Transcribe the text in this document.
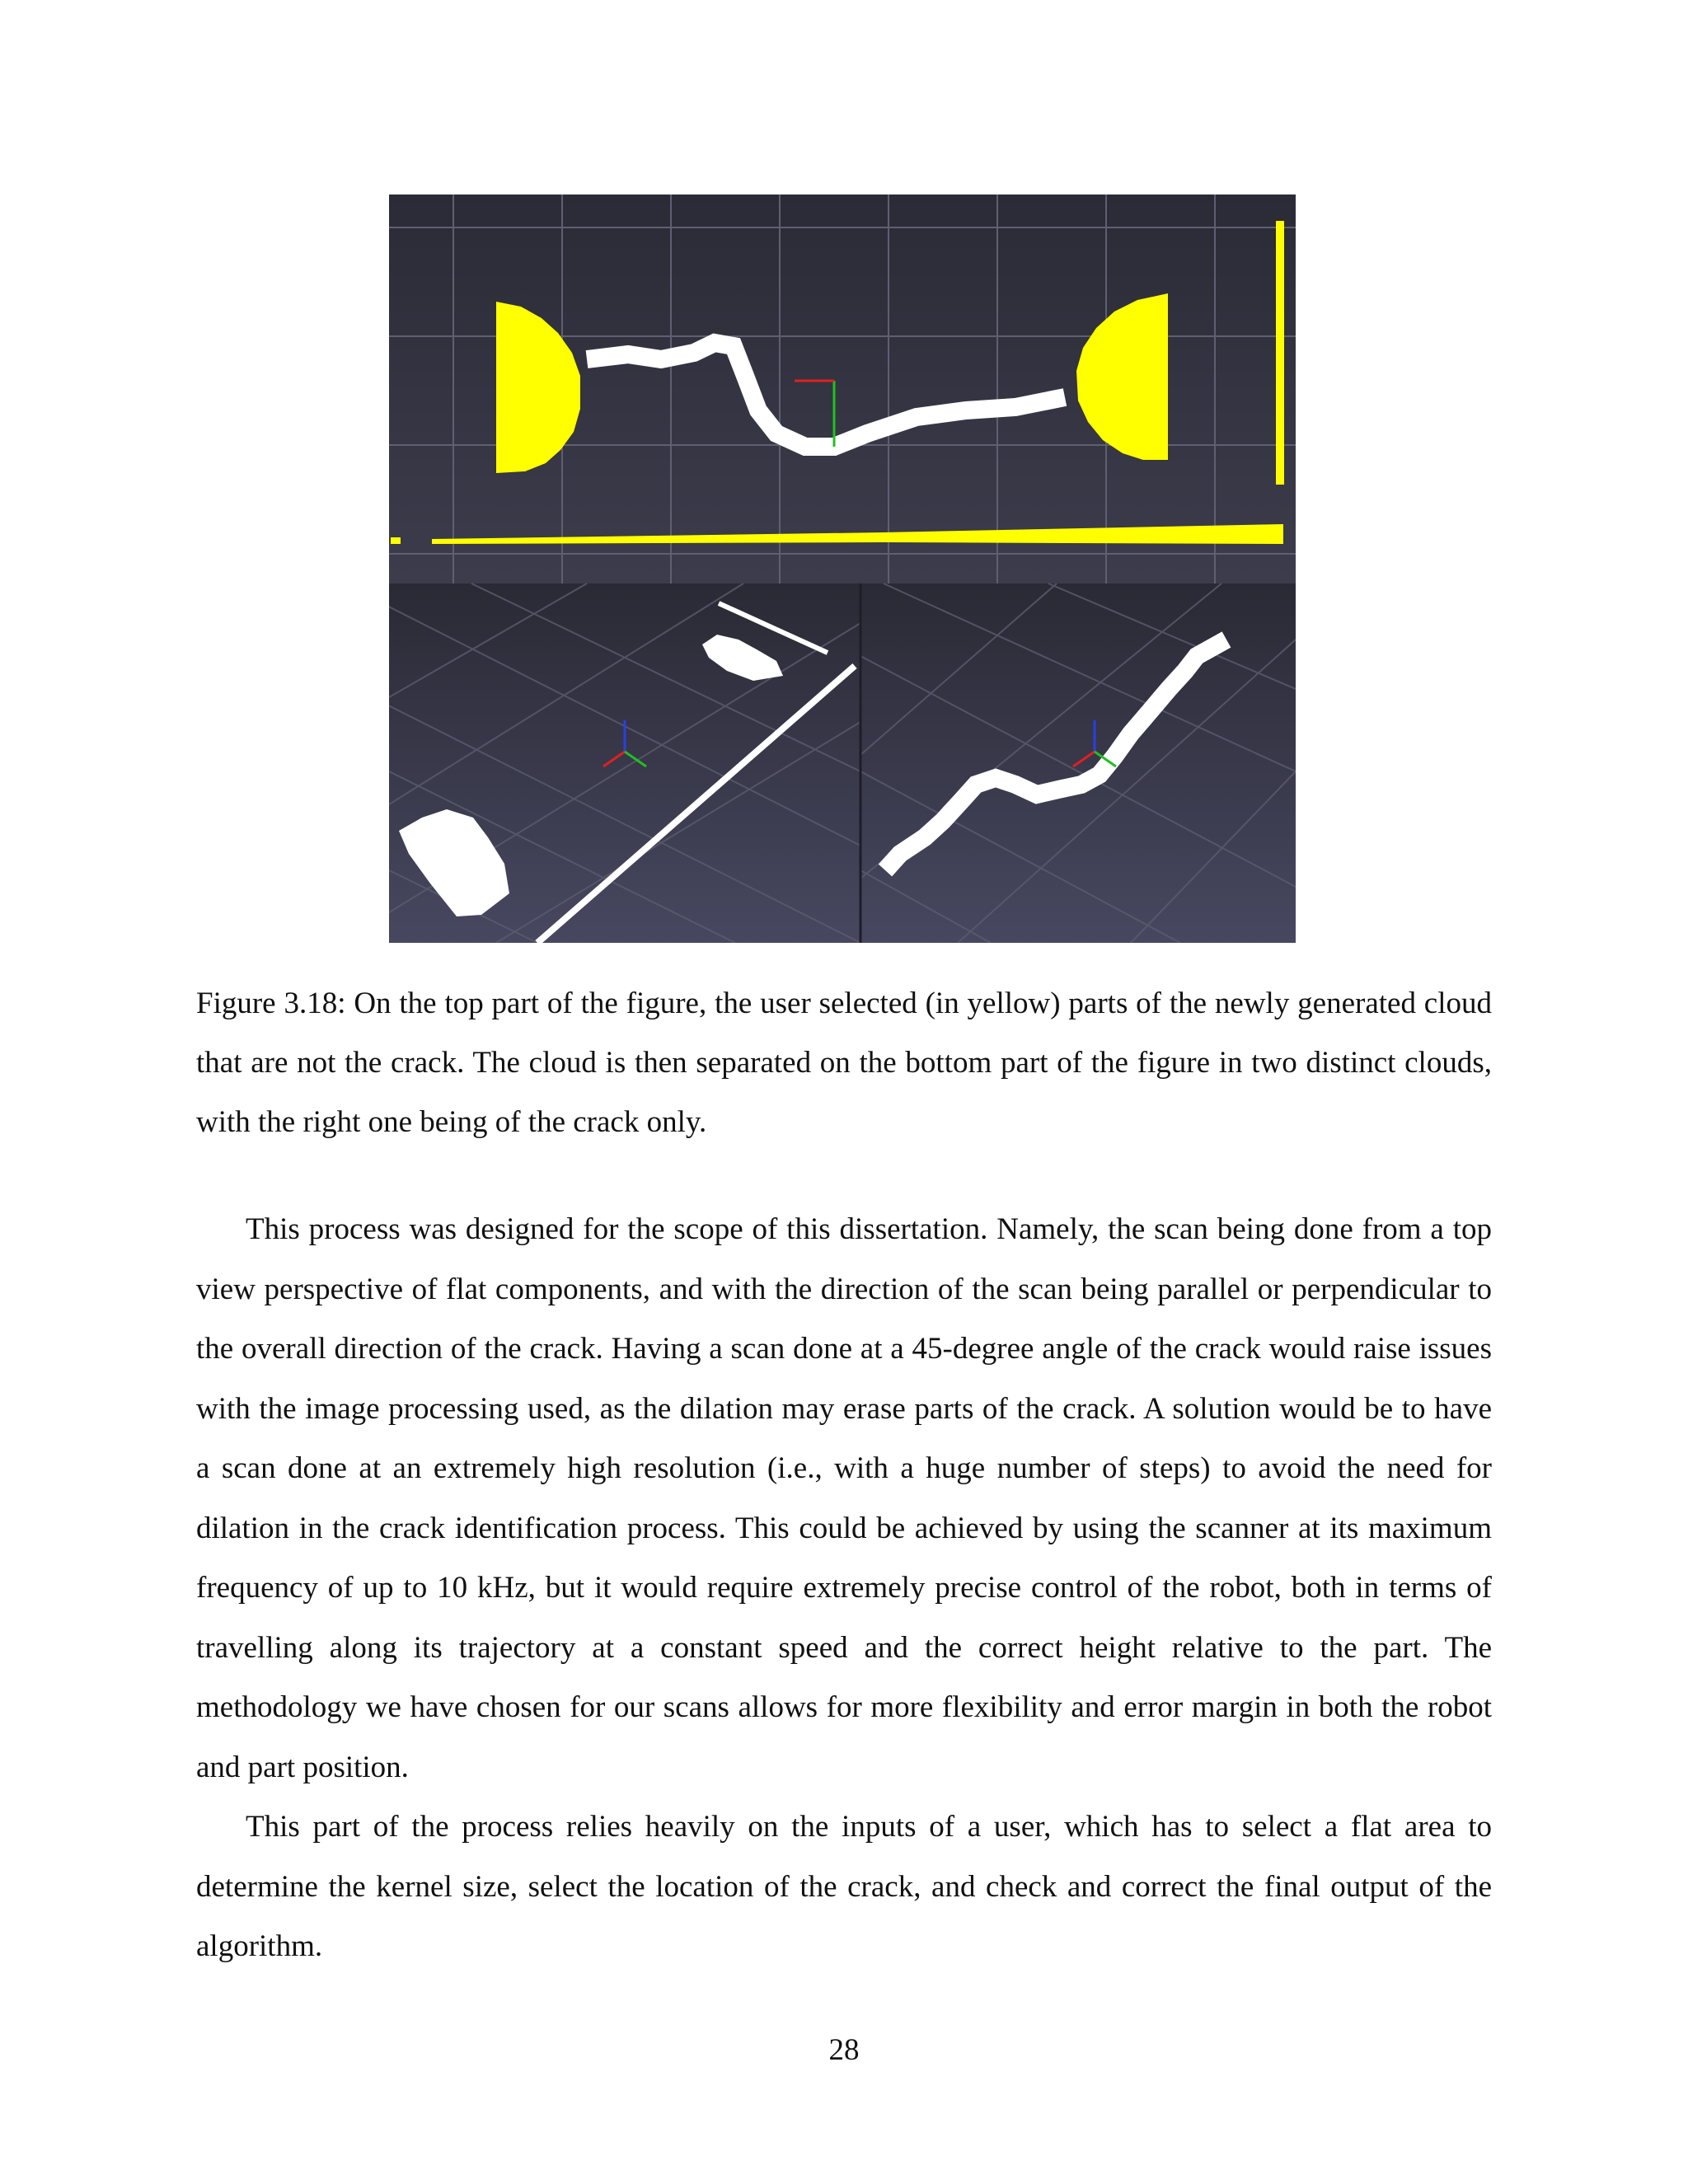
Figure 3.18: On the top part of the figure, the user selected (in yellow) parts of the newly generated cloud that are not the crack. The cloud is then separated on the bottom part of the figure in two distinct clouds, with the right one being of the crack only.

This process was designed for the scope of this dissertation. Namely, the scan being done from a top view perspective of flat components, and with the direction of the scan being parallel or perpendicular to the overall direction of the crack. Having a scan done at a 45-degree angle of the crack would raise issues with the image processing used, as the dilation may erase parts of the crack. A solution would be to have a scan done at an extremely high resolution (i.e., with a huge number of steps) to avoid the need for dilation in the crack identification process. This could be achieved by using the scanner at its maximum frequency of up to 10 kHz, but it would require extremely precise control of the robot, both in terms of travelling along its trajectory at a constant speed and the correct height relative to the part. The methodology we have chosen for our scans allows for more flexibility and error margin in both the robot and part position.

This part of the process relies heavily on the inputs of a user, which has to select a flat area to determine the kernel size, select the location of the crack, and check and correct the final output of the algorithm.

28
